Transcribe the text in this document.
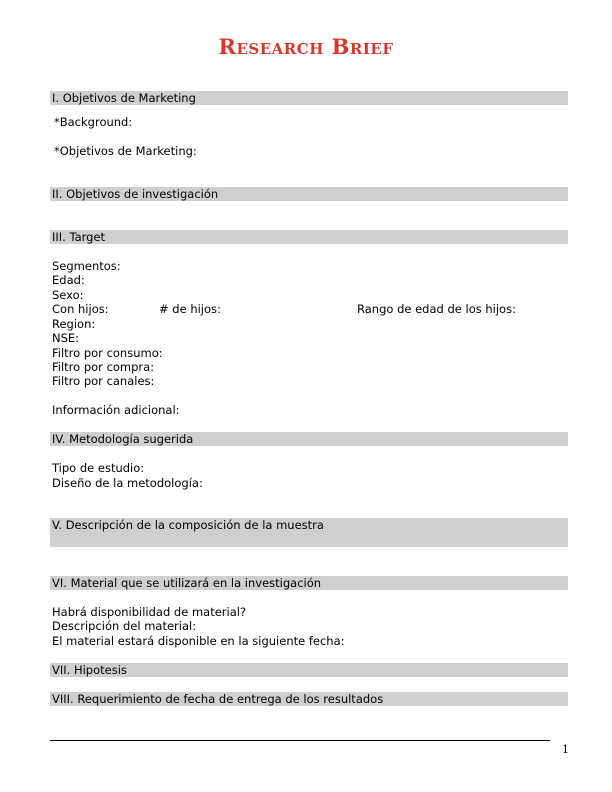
Research Brief
I. Objetivos de Marketing
*Background:
*Objetivos de Marketing:
II. Objetivos de investigación
III. Target
Segmentos:
Edad:
Sexo:
Con hijos:	# de hijos:	Rango de edad de los hijos:
Region:
NSE:
Filtro por consumo:
Filtro por compra:
Filtro por canales:
Información adicional:
IV. Metodología sugerida
Tipo de estudio:
Diseño de la metodología:
V. Descripción de la composición de la muestra
VI. Material que se utilizará en la investigación
Habrá disponibilidad de material?
Descripción del material:
El material estará disponible en la siguiente fecha:
VII. Hipotesis
VIII. Requerimiento de fecha de entrega de los resultados
1
